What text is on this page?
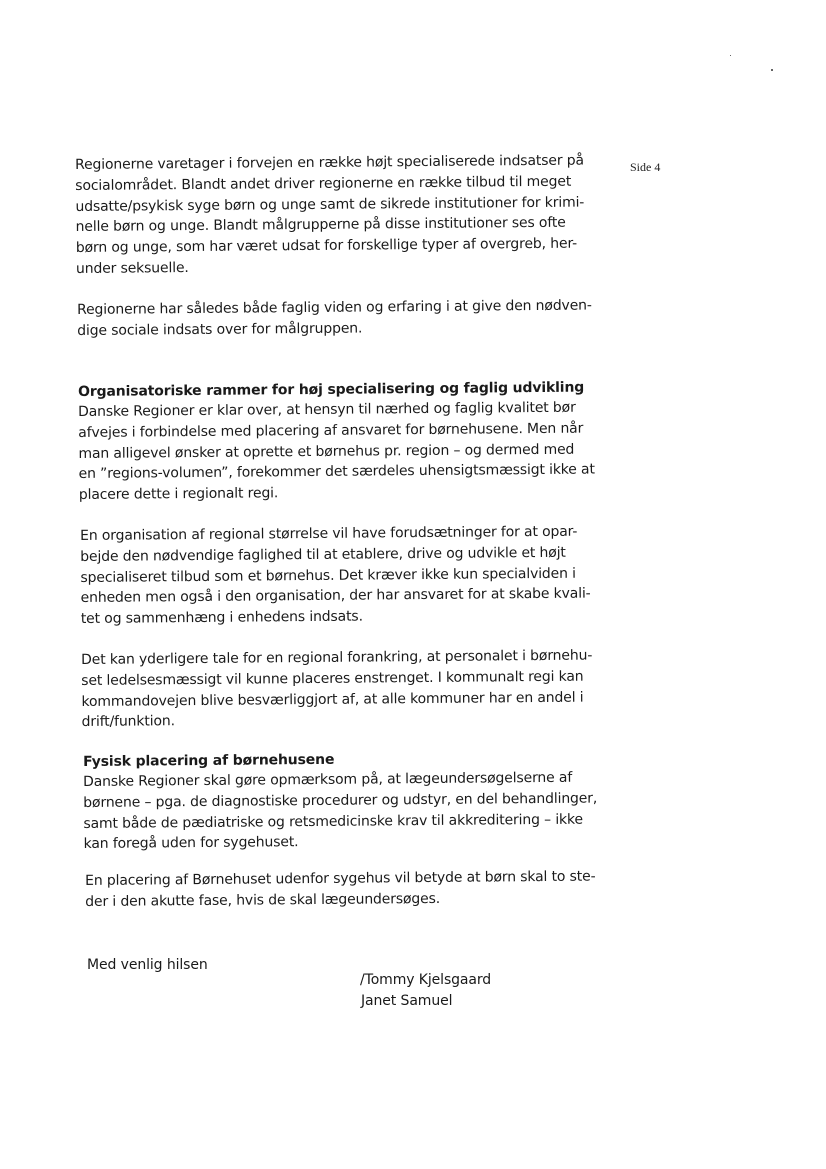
Side 4

Regionerne varetager i forvejen en række højt specialiserede indsatser på
socialområdet. Blandt andet driver regionerne en række tilbud til meget
udsatte/psykisk syge børn og unge samt de sikrede institutioner for krimi-
nelle børn og unge. Blandt målgrupperne på disse institutioner ses ofte
børn og unge, som har været udsat for forskellige typer af overgreb, her-
under seksuelle.

Regionerne har således både faglig viden og erfaring i at give den nødven-
dige sociale indsats over for målgruppen.

Organisatoriske rammer for høj specialisering og faglig udvikling

Danske Regioner er klar over, at hensyn til nærhed og faglig kvalitet bør
afvejes i forbindelse med placering af ansvaret for børnehusene. Men når
man alligevel ønsker at oprette et børnehus pr. region – og dermed med
en ”regions-volumen”, forekommer det særdeles uhensigtsmæssigt ikke at
placere dette i regionalt regi.

En organisation af regional størrelse vil have forudsætninger for at opar-
bejde den nødvendige faglighed til at etablere, drive og udvikle et højt
specialiseret tilbud som et børnehus. Det kræver ikke kun specialviden i
enheden men også i den organisation, der har ansvaret for at skabe kvali-
tet og sammenhæng i enhedens indsats.

Det kan yderligere tale for en regional forankring, at personalet i børnehu-
set ledelsesmæssigt vil kunne placeres enstrenget. I kommunalt regi kan
kommandovejen blive besværliggjort af, at alle kommuner har en andel i
drift/funktion.

Fysisk placering af børnehusene

Danske Regioner skal gøre opmærksom på, at lægeundersøgelserne af
børnene – pga. de diagnostiske procedurer og udstyr, en del behandlinger,
samt både de pædiatriske og retsmedicinske krav til akkreditering – ikke
kan foregå uden for sygehuset.

En placering af Børnehuset udenfor sygehus vil betyde at børn skal to ste-
der i den akutte fase, hvis de skal lægeundersøges.

Med venlig hilsen
/Tommy Kjelsgaard
Janet Samuel
